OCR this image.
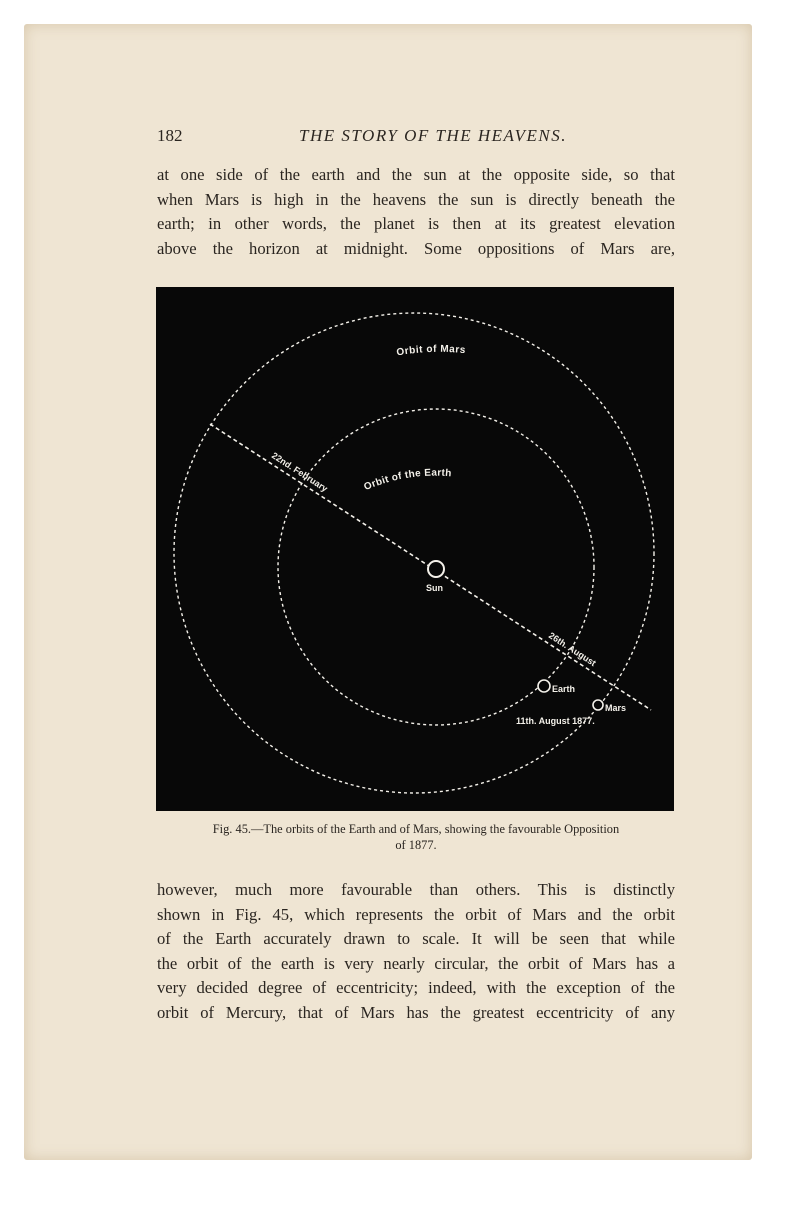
182	THE STORY OF THE HEAVENS.
at one side of the earth and the sun at the opposite side, so that
when Mars is high in the heavens the sun is directly beneath the
earth; in other words, the planet is then at its greatest elevation
above the horizon at midnight. Some oppositions of Mars are,
Sun
Orbit of Mars
Orbit of the Earth
22nd. February
26th. August
Earth
Mars
11th. August 1877.
Fig. 45.—The orbits of the Earth and of Mars, showing the favourable Opposition
of 1877.
however, much more favourable than others. This is distinctly
shown in Fig. 45, which represents the orbit of Mars and the orbit
of the Earth accurately drawn to scale. It will be seen that while
the orbit of the earth is very nearly circular, the orbit of Mars has a
very decided degree of eccentricity; indeed, with the exception of the
orbit of Mercury, that of Mars has the greatest eccentricity of any
